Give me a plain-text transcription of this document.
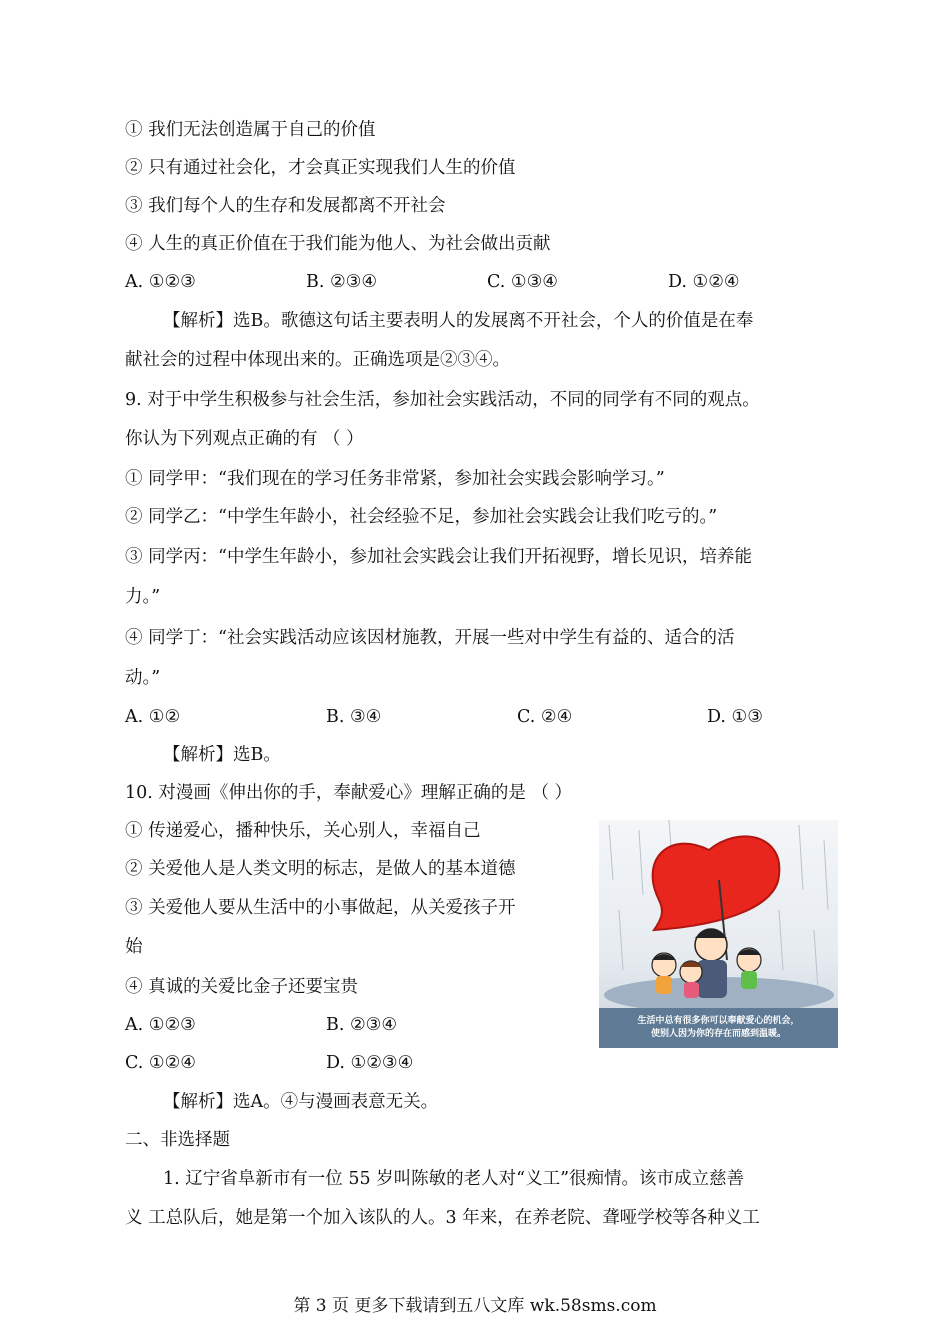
① 我们无法创造属于自己的价值
② 只有通过社会化，才会真正实现我们人生的价值
③ 我们每个人的生存和发展都离不开社会
④ 人生的真正价值在于我们能为他人、为社会做出贡献
A. ①②③	B. ②③④	C. ①③④	D. ①②④
【解析】选B。歌德这句话主要表明人的发展离不开社会，个人的价值是在奉
献社会的过程中体现出来的。正确选项是②③④。
9. 对于中学生积极参与社会生活，参加社会实践活动，不同的同学有不同的观点。
你认为下列观点正确的有 （ ）
① 同学甲：“我们现在的学习任务非常紧，参加社会实践会影响学习。”
② 同学乙：“中学生年龄小，社会经验不足，参加社会实践会让我们吃亏的。”
③ 同学丙：“中学生年龄小，参加社会实践会让我们开拓视野，增长见识，培养能
力。”
④ 同学丁：“社会实践活动应该因材施教，开展一些对中学生有益的、适合的活
动。”
A. ①②	B. ③④	C. ②④	D. ①③
【解析】选B。
10. 对漫画《伸出你的手，奉献爱心》理解正确的是 （ ）
① 传递爱心，播种快乐，关心别人，幸福自己
② 关爱他人是人类文明的标志，是做人的基本道德
③ 关爱他人要从生活中的小事做起，从关爱孩子开
始
④ 真诚的关爱比金子还要宝贵
A. ①②③	B. ②③④
C. ①②④	D. ①②③④
【解析】选A。④与漫画表意无关。
生活中总有很多你可以奉献爱心的机会，
使别人因为你的存在而感到温暖。
二、非选择题
1. 辽宁省阜新市有一位 55 岁叫陈敏的老人对“义工”很痴情。该市成立慈善
义 工总队后，她是第一个加入该队的人。3 年来，在养老院、聋哑学校等各种义工
第 3 页 更多下载请到五八文库 wk.58sms.com
